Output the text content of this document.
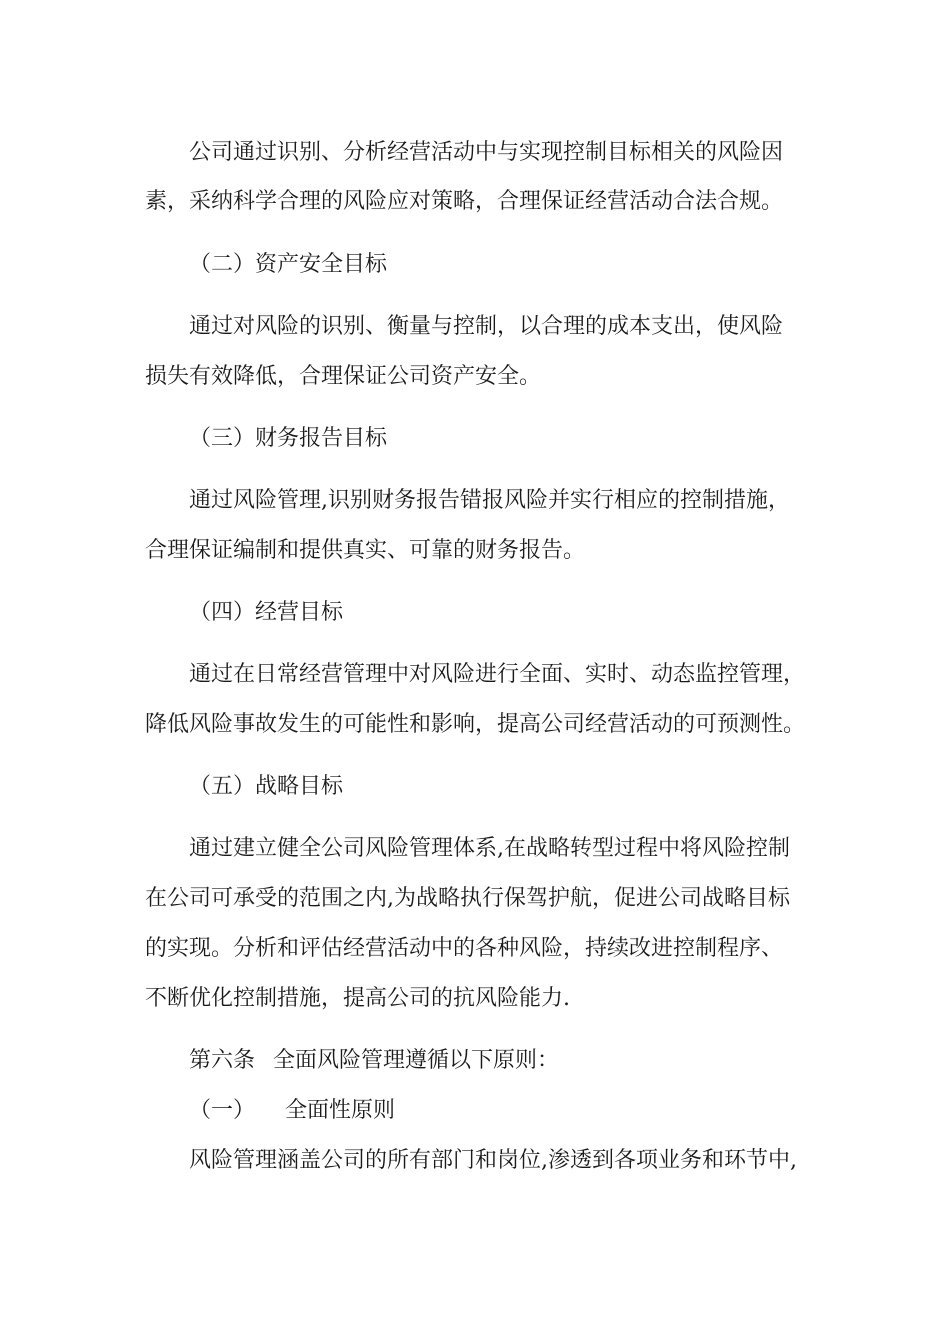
公司通过识别、分析经营活动中与实现控制目标相关的风险因
素，采纳科学合理的风险应对策略，合理保证经营活动合法合规。
（二）资产安全目标
通过对风险的识别、衡量与控制，以合理的成本支出，使风险
损失有效降低，合理保证公司资产安全。
（三）财务报告目标
通过风险管理,识别财务报告错报风险并实行相应的控制措施，
合理保证编制和提供真实、可靠的财务报告。
（四）经营目标
通过在日常经营管理中对风险进行全面、实时、动态监控管理，
降低风险事故发生的可能性和影响，提高公司经营活动的可预测性。
（五）战略目标
通过建立健全公司风险管理体系,在战略转型过程中将风险控制
在公司可承受的范围之内,为战略执行保驾护航，促进公司战略目标
的实现。分析和评估经营活动中的各种风险，持续改进控制程序、
不断优化控制措施，提高公司的抗风险能力.
第六条 全面风险管理遵循以下原则：
（一） 全面性原则
风险管理涵盖公司的所有部门和岗位,渗透到各项业务和环节中,
